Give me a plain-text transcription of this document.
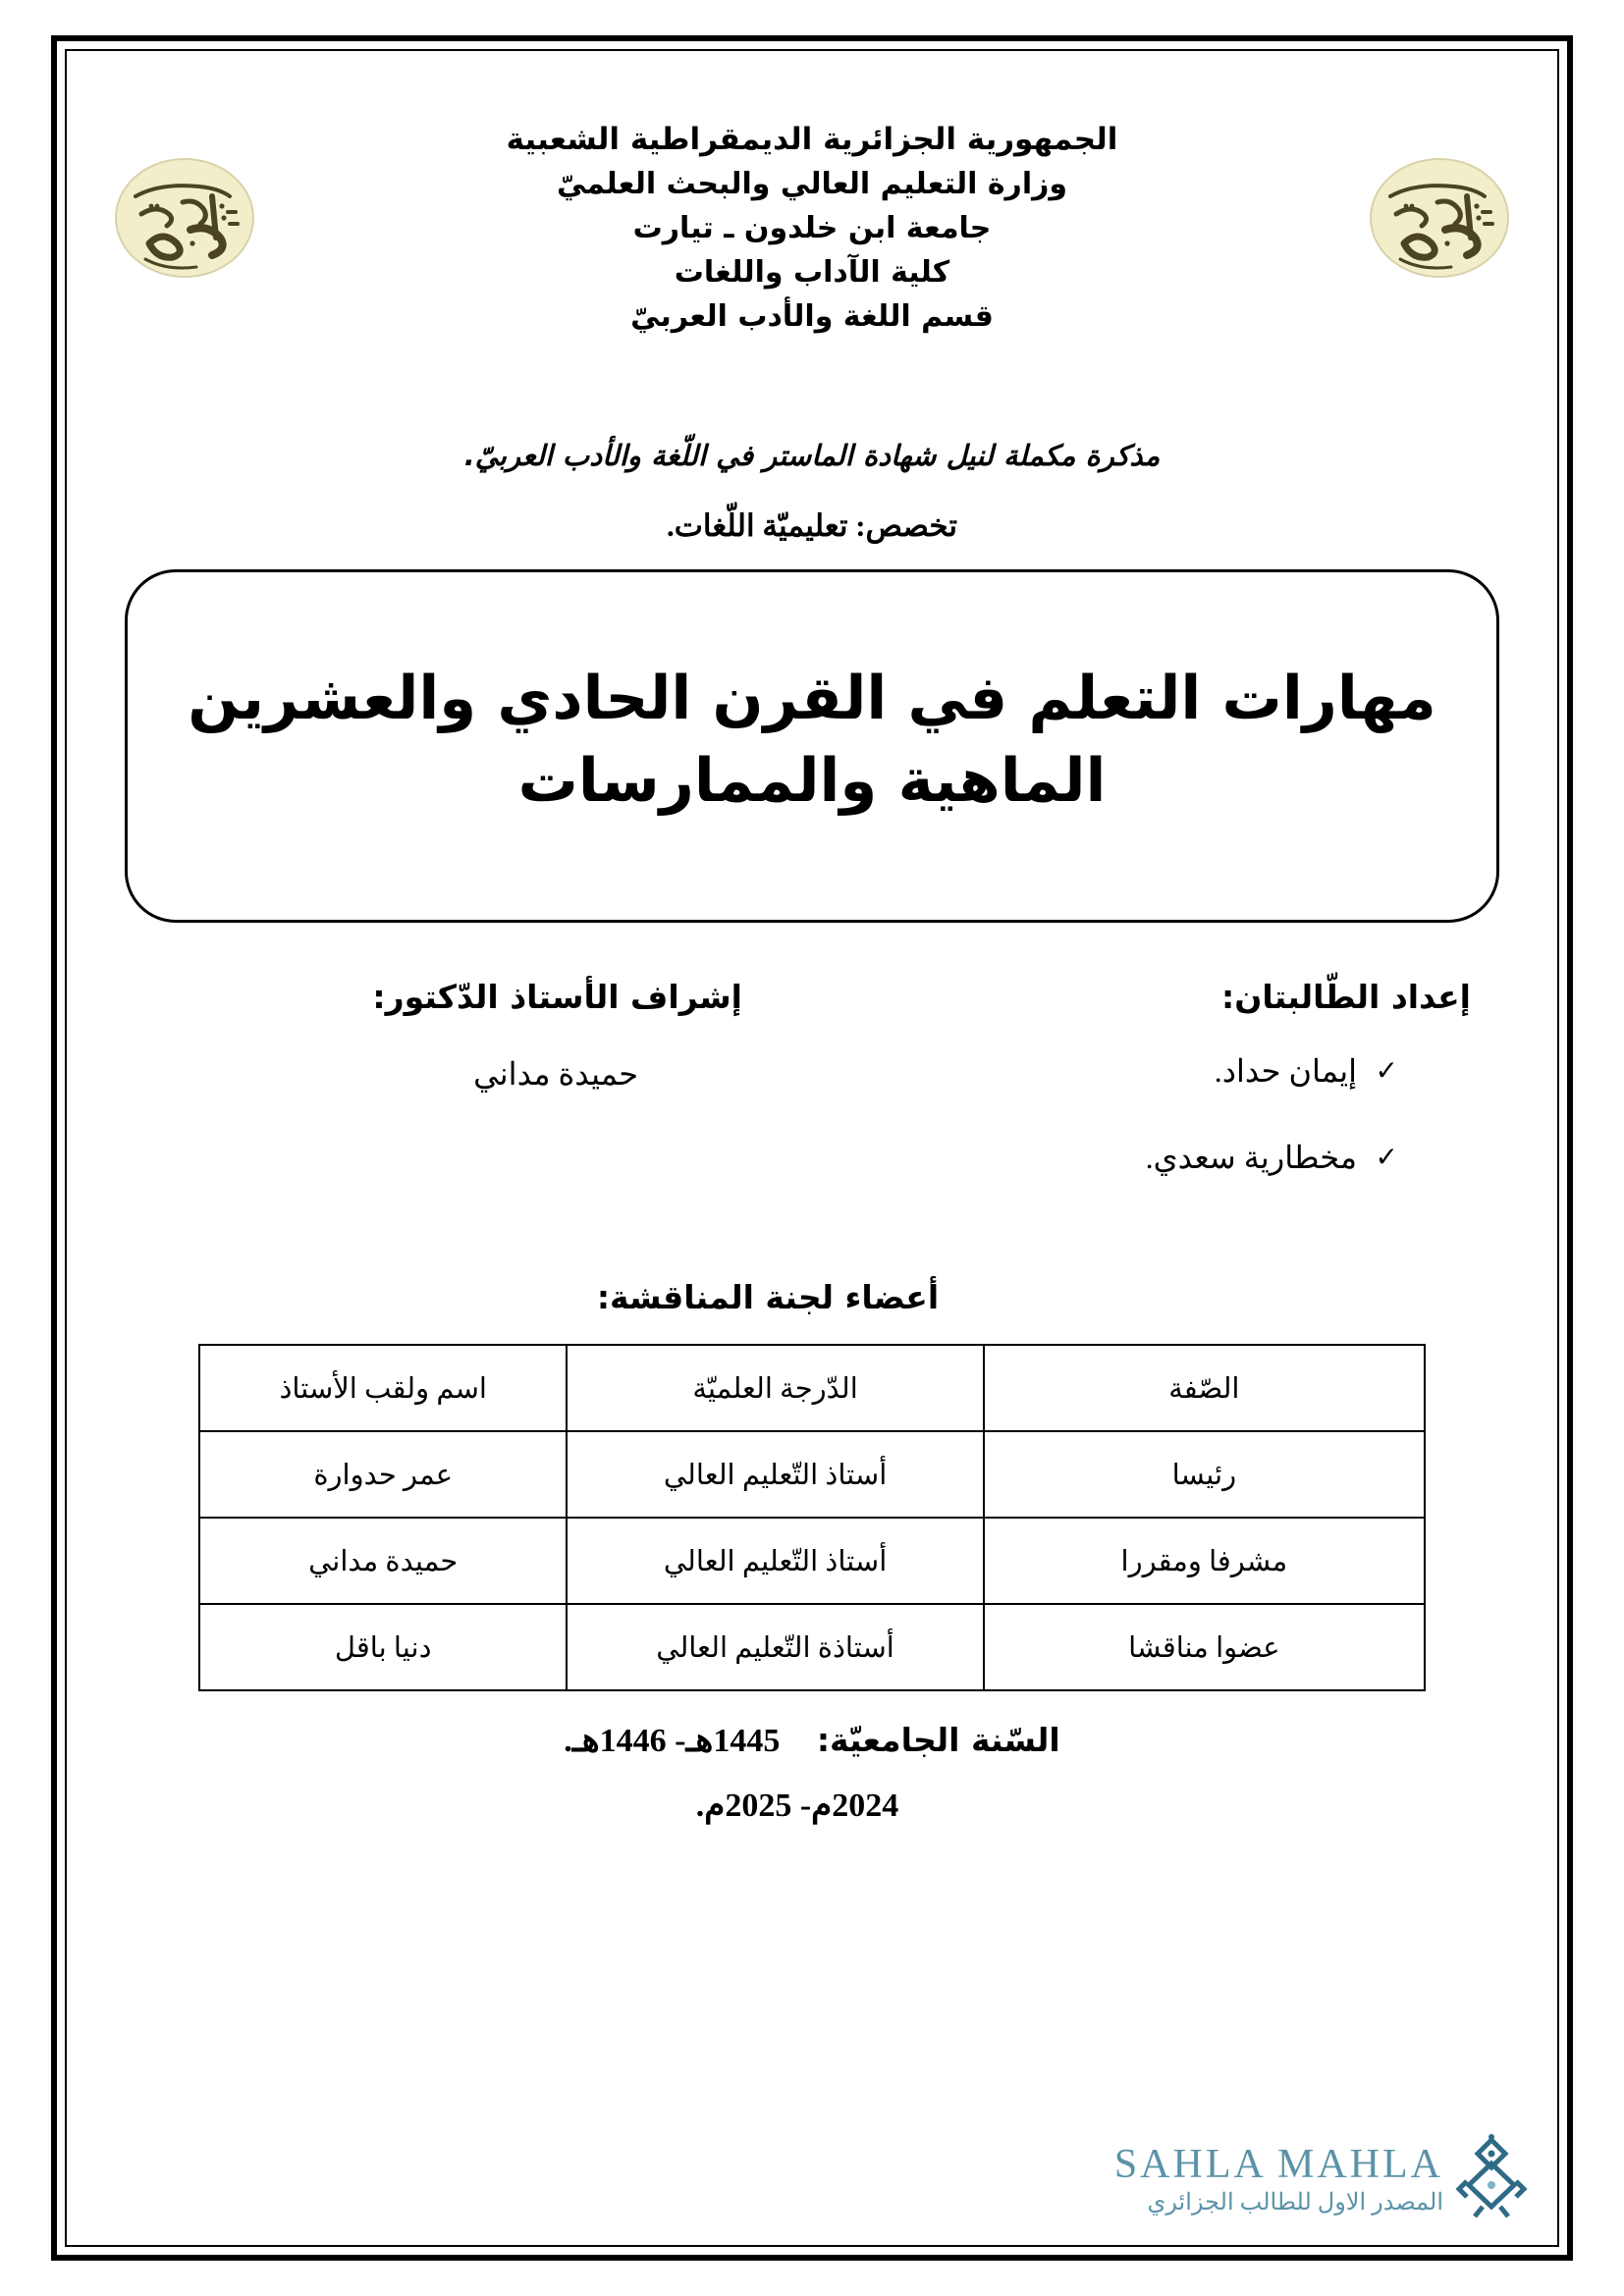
الجمهورية الجزائرية الديمقراطية الشعبية
وزارة التعليم العالي والبحث العلميّ
جامعة ابن خلدون ـ تيارت
كلية الآداب واللغات
قسم اللغة والأدب العربيّ
مذكرة مكملة لنيل شهادة الماستر في اللّغة والأدب العربيّ.
تخصص: تعليميّة اللّغات.
مهارات التعلم في القرن الحادي والعشرين الماهية والممارسات
إعداد الطّالبتان:
✓
إيمان حداد.
✓
مخطارية سعدي.
إشراف الأستاذ الدّكتور:
حميدة مداني
أعضاء لجنة المناقشة:
الصّفة	الدّرجة العلميّة	اسم ولقب الأستاذ
رئيسا	أستاذ التّعليم العالي	عمر حدوارة
مشرفا ومقررا	أستاذ التّعليم العالي	حميدة مداني
عضوا مناقشا	أستاذة التّعليم العالي	دنيا باقل
السّنة الجامعيّة: 1445هـ- 1446هـ.
2024م- 2025م.
SAHLA MAHLA
المصدر الاول للطالب الجزائري
